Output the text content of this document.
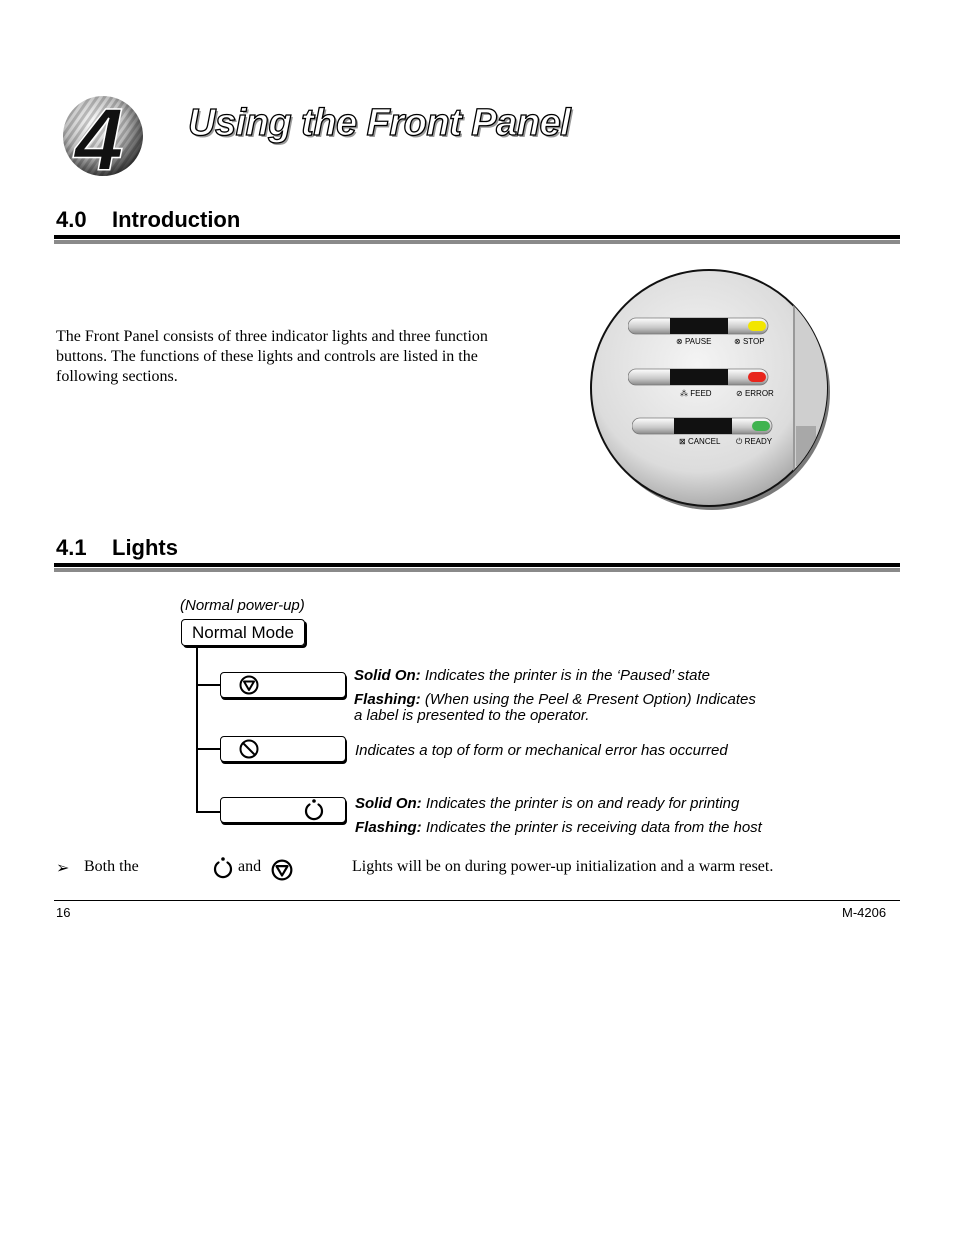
4 Using the Front Panel
4.0 Introduction
The Front Panel consists of three indicator lights and three function buttons. The functions of these lights and controls are listed in the following sections.
⊗ PAUSE	⊗ STOP
⁂ FEED	⊘ ERROR
⊠ CANCEL ⏻ READY
4.1 Lights
(Normal power-up)
Normal Mode
Solid On: Indicates the printer is in the ‘Paused’ state
Flashing: (When using the Peel & Present Option) Indicates
a label is presented to the operator.
Indicates a top of form or mechanical error has occurred
Solid On: Indicates the printer is on and ready for printing
Flashing: Indicates the printer is receiving data from the host
➢ Both the	and	Lights will be on during power-up initialization and a warm reset.
16	M-4206
